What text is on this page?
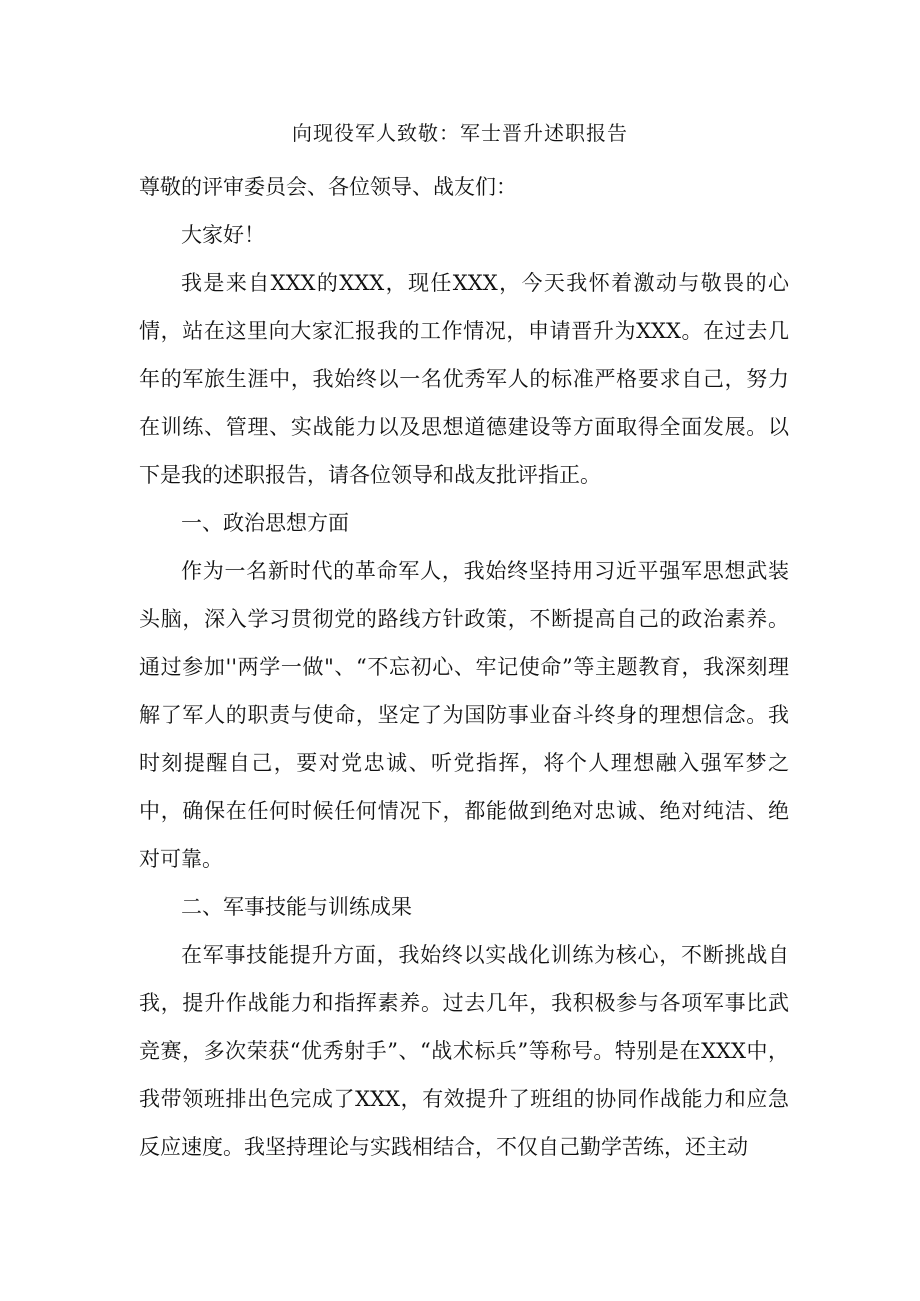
向现役军人致敬：军士晋升述职报告

尊敬的评审委员会、各位领导、战友们：

大家好！

我是来自XXX的XXX，现任XXX，今天我怀着激动与敬畏的心情，站在这里向大家汇报我的工作情况，申请晋升为XXX。在过去几年的军旅生涯中，我始终以一名优秀军人的标准严格要求自己，努力在训练、管理、实战能力以及思想道德建设等方面取得全面发展。以下是我的述职报告，请各位领导和战友批评指正。

一、政治思想方面

作为一名新时代的革命军人，我始终坚持用习近平强军思想武装头脑，深入学习贯彻党的路线方针政策，不断提高自己的政治素养。通过参加''两学一做"、“不忘初心、牢记使命”等主题教育，我深刻理解了军人的职责与使命，坚定了为国防事业奋斗终身的理想信念。我时刻提醒自己，要对党忠诚、听党指挥，将个人理想融入强军梦之中，确保在任何时候任何情况下，都能做到绝对忠诚、绝对纯洁、绝对可靠。

二、军事技能与训练成果

在军事技能提升方面，我始终以实战化训练为核心，不断挑战自我，提升作战能力和指挥素养。过去几年，我积极参与各项军事比武竞赛，多次荣获“优秀射手”、“战术标兵”等称号。特别是在XXX中，我带领班排出色完成了XXX，有效提升了班组的协同作战能力和应急反应速度。我坚持理论与实践相结合，不仅自己勤学苦练，还主动
